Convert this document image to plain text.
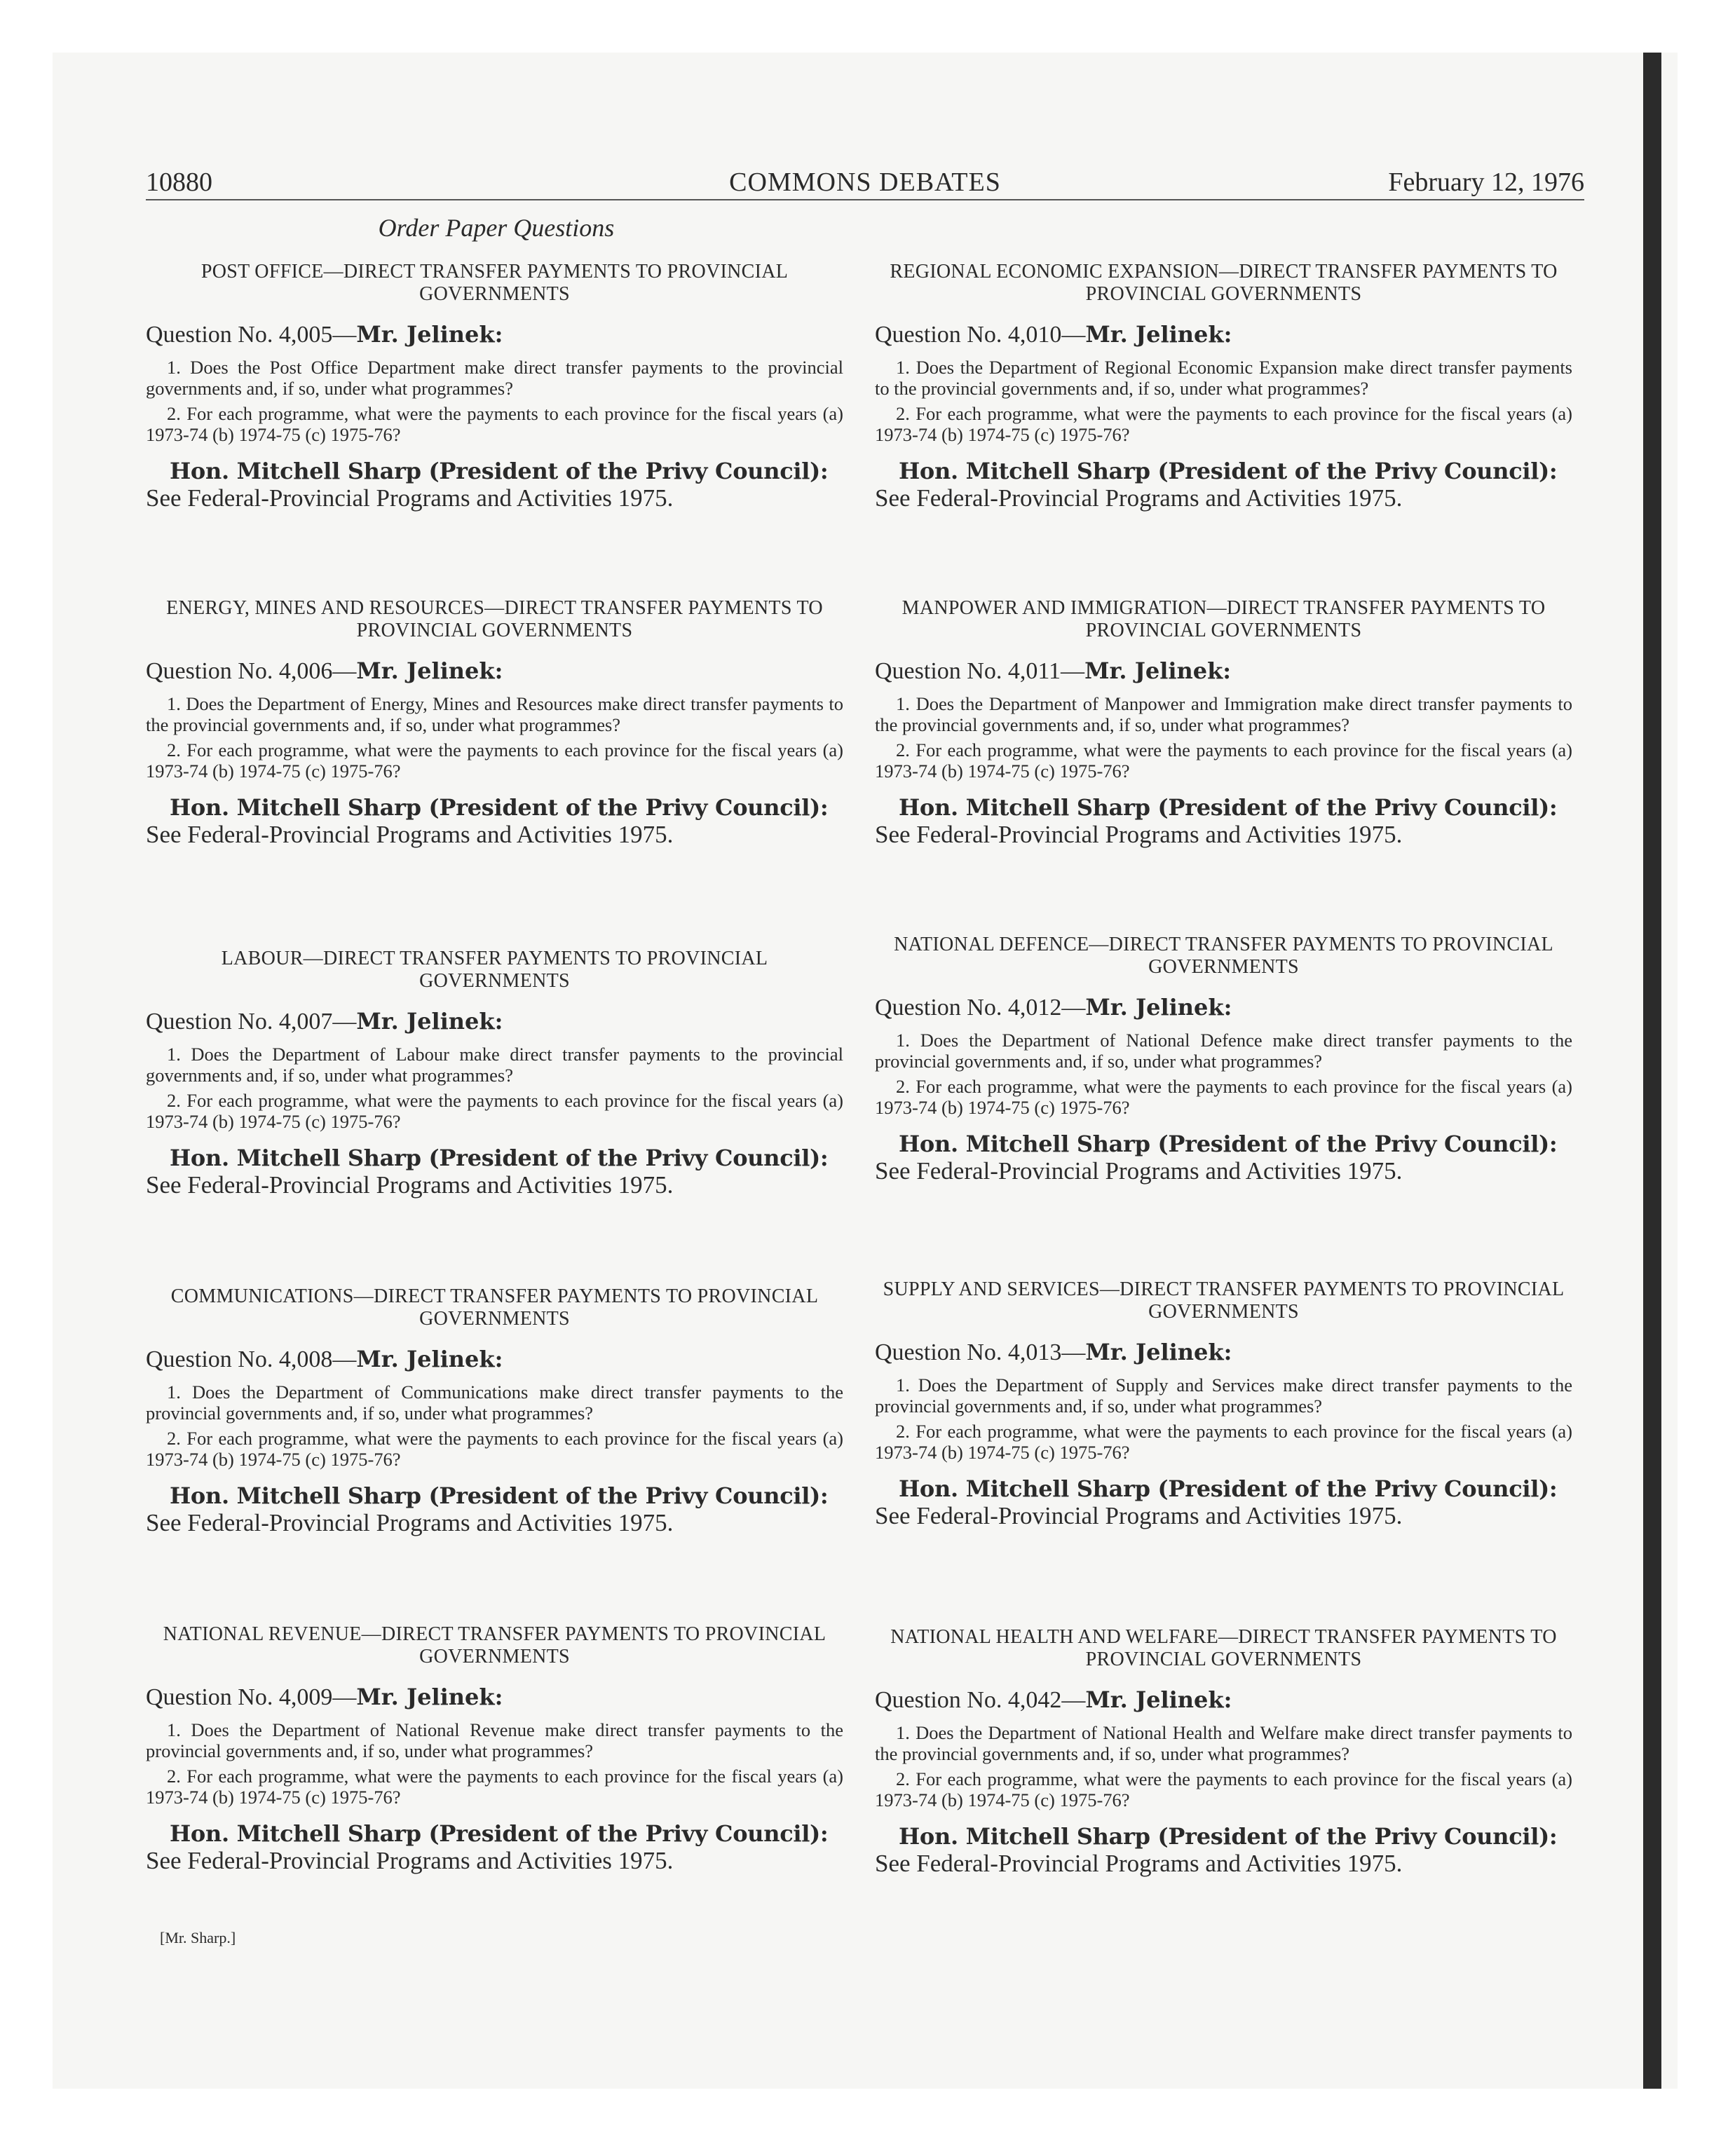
10880	COMMONS DEBATES	February 12, 1976
Order Paper Questions
POST OFFICE—DIRECT TRANSFER PAYMENTS TO PROVINCIAL GOVERNMENTS
Question No. 4,005—Mr. Jelinek:
1. Does the Post Office Department make direct transfer payments to the provincial governments and, if so, under what programmes?
2. For each programme, what were the payments to each province for the fiscal years (a) 1973-74 (b) 1974-75 (c) 1975-76?
Hon. Mitchell Sharp (President of the Privy Council):
See Federal-Provincial Programs and Activities 1975.
ENERGY, MINES AND RESOURCES—DIRECT TRANSFER PAYMENTS TO PROVINCIAL GOVERNMENTS
Question No. 4,006—Mr. Jelinek:
1. Does the Department of Energy, Mines and Resources make direct transfer payments to the provincial governments and, if so, under what programmes?
2. For each programme, what were the payments to each province for the fiscal years (a) 1973-74 (b) 1974-75 (c) 1975-76?
Hon. Mitchell Sharp (President of the Privy Council):
See Federal-Provincial Programs and Activities 1975.
LABOUR—DIRECT TRANSFER PAYMENTS TO PROVINCIAL GOVERNMENTS
Question No. 4,007—Mr. Jelinek:
1. Does the Department of Labour make direct transfer payments to the provincial governments and, if so, under what programmes?
2. For each programme, what were the payments to each province for the fiscal years (a) 1973-74 (b) 1974-75 (c) 1975-76?
Hon. Mitchell Sharp (President of the Privy Council):
See Federal-Provincial Programs and Activities 1975.
COMMUNICATIONS—DIRECT TRANSFER PAYMENTS TO PROVINCIAL GOVERNMENTS
Question No. 4,008—Mr. Jelinek:
1. Does the Department of Communications make direct transfer payments to the provincial governments and, if so, under what programmes?
2. For each programme, what were the payments to each province for the fiscal years (a) 1973-74 (b) 1974-75 (c) 1975-76?
Hon. Mitchell Sharp (President of the Privy Council):
See Federal-Provincial Programs and Activities 1975.
NATIONAL REVENUE—DIRECT TRANSFER PAYMENTS TO PROVINCIAL GOVERNMENTS
Question No. 4,009—Mr. Jelinek:
1. Does the Department of National Revenue make direct transfer payments to the provincial governments and, if so, under what programmes?
2. For each programme, what were the payments to each province for the fiscal years (a) 1973-74 (b) 1974-75 (c) 1975-76?
Hon. Mitchell Sharp (President of the Privy Council):
See Federal-Provincial Programs and Activities 1975.
REGIONAL ECONOMIC EXPANSION—DIRECT TRANSFER PAYMENTS TO PROVINCIAL GOVERNMENTS
Question No. 4,010—Mr. Jelinek:
1. Does the Department of Regional Economic Expansion make direct transfer payments to the provincial governments and, if so, under what programmes?
2. For each programme, what were the payments to each province for the fiscal years (a) 1973-74 (b) 1974-75 (c) 1975-76?
Hon. Mitchell Sharp (President of the Privy Council):
See Federal-Provincial Programs and Activities 1975.
MANPOWER AND IMMIGRATION—DIRECT TRANSFER PAYMENTS TO PROVINCIAL GOVERNMENTS
Question No. 4,011—Mr. Jelinek:
1. Does the Department of Manpower and Immigration make direct transfer payments to the provincial governments and, if so, under what programmes?
2. For each programme, what were the payments to each province for the fiscal years (a) 1973-74 (b) 1974-75 (c) 1975-76?
Hon. Mitchell Sharp (President of the Privy Council):
See Federal-Provincial Programs and Activities 1975.
NATIONAL DEFENCE—DIRECT TRANSFER PAYMENTS TO PROVINCIAL GOVERNMENTS
Question No. 4,012—Mr. Jelinek:
1. Does the Department of National Defence make direct transfer payments to the provincial governments and, if so, under what programmes?
2. For each programme, what were the payments to each province for the fiscal years (a) 1973-74 (b) 1974-75 (c) 1975-76?
Hon. Mitchell Sharp (President of the Privy Council):
See Federal-Provincial Programs and Activities 1975.
SUPPLY AND SERVICES—DIRECT TRANSFER PAYMENTS TO PROVINCIAL GOVERNMENTS
Question No. 4,013—Mr. Jelinek:
1. Does the Department of Supply and Services make direct transfer payments to the provincial governments and, if so, under what programmes?
2. For each programme, what were the payments to each province for the fiscal years (a) 1973-74 (b) 1974-75 (c) 1975-76?
Hon. Mitchell Sharp (President of the Privy Council):
See Federal-Provincial Programs and Activities 1975.
NATIONAL HEALTH AND WELFARE—DIRECT TRANSFER PAYMENTS TO PROVINCIAL GOVERNMENTS
Question No. 4,042—Mr. Jelinek:
1. Does the Department of National Health and Welfare make direct transfer payments to the provincial governments and, if so, under what programmes?
2. For each programme, what were the payments to each province for the fiscal years (a) 1973-74 (b) 1974-75 (c) 1975-76?
Hon. Mitchell Sharp (President of the Privy Council):
See Federal-Provincial Programs and Activities 1975.
[Mr. Sharp.]
